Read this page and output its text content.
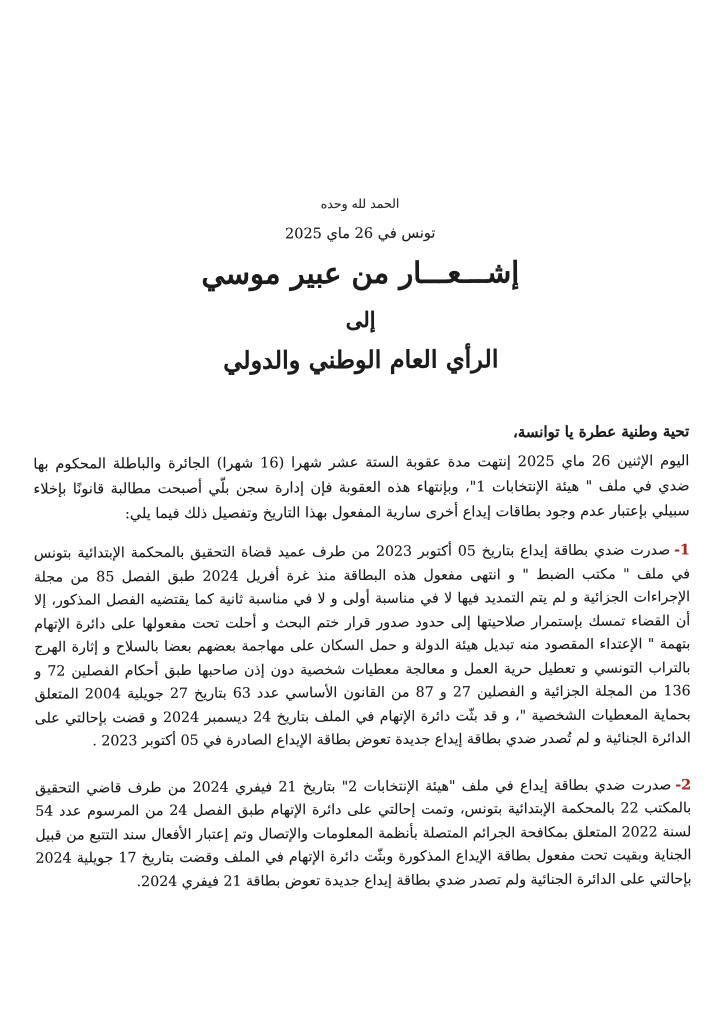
الحمد لله وحده
تونس في 26 ماي 2025
إشـــعـــار من عبير موسي
إلى
الرأي العام الوطني والدولي
تحية وطنية عطرة يا توانسة،
اليوم الإثنين 26 ماي 2025 إنتهت مدة عقوبة الستة عشر شهرا (16 شهرا) الجائرة والباطلة المحكوم بها ضدي في ملف " هيئة الإنتخابات 1"، وبإنتهاء هذه العقوبة فإن إدارة سجن بلّي أصبحت مطالبة قانونًا بإخلاء سبيلي بإعتبار عدم وجود بطاقات إيداع أخرى سارية المفعول بهذا التاريخ وتفصيل ذلك فيما يلي:
1-صدرت ضدي بطاقة إيداع بتاريخ 05 أكتوبر 2023 من طرف عميد قضاة التحقيق بالمحكمة الإبتدائية بتونس في ملف " مكتب الضبط " و انتهى مفعول هذه البطاقة منذ غرة أفريل 2024 طبق الفصل 85 من مجلة الإجراءات الجزائية و لم يتم التمديد فيها لا في مناسبة أولى و لا في مناسبة ثانية كما يقتضيه الفصل المذكور، إلا أن القضاء تمسك بإستمرار صلاحيتها إلى حدود صدور قرار ختم البحث و أحلت تحت مفعولها على دائرة الإتهام بتهمة " الإعتداء المقصود منه تبديل هيئة الدولة و حمل السكان على مهاجمة بعضهم بعضا بالسلاح و إثارة الهرج بالتراب التونسي و تعطيل حرية العمل و معالجة معطيات شخصية دون إذن صاحبها طبق أحكام الفصلين 72 و 136 من المجلة الجزائية و الفصلين 27 و 87 من القانون الأساسي عدد 63 بتاريخ 27 جويلية 2004 المتعلق بحماية المعطيات الشخصية "، و قد بثّت دائرة الإتهام في الملف بتاريخ 24 ديسمبر 2024 و قضت بإحالتي على الدائرة الجنائية و لم تُصدر ضدي بطاقة إيداع جديدة تعوض بطاقة الإيداع الصادرة في 05 أكتوبر 2023 .
2-صدرت ضدي بطاقة إيداع في ملف "هيئة الإنتخابات 2" بتاريخ 21 فيفري 2024 من طرف قاضي التحقيق بالمكتب 22 بالمحكمة الإبتدائية بتونس، وتمت إحالتي على دائرة الإتهام طبق الفصل 24 من المرسوم عدد 54 لسنة 2022 المتعلق بمكافحة الجرائم المتصلة بأنظمة المعلومات والإتصال وتم إعتبار الأفعال سند التتبع من قبيل الجناية وبقيت تحت مفعول بطاقة الإيداع المذكورة وبثّت دائرة الإتهام في الملف وقضت بتاريخ 17 جويلية 2024 بإحالتي على الدائرة الجنائية ولم تصدر ضدي بطاقة إيداع جديدة تعوض بطاقة 21 فيفري 2024.
